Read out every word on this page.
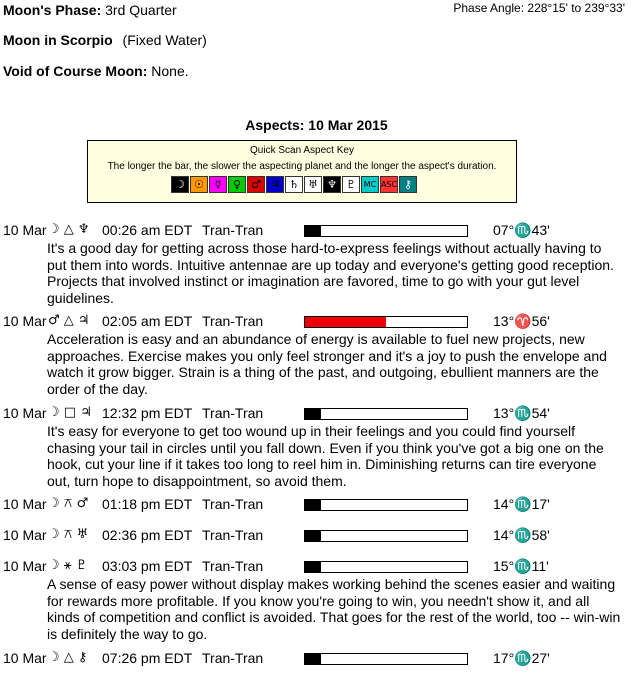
Moon's Phase: 3rd Quarter	Phase Angle: 228°15' to 239°33'
Moon in Scorpio (Fixed Water)
Void of Course Moon: None.
Aspects: 10 Mar 2015
Quick Scan Aspect Key
The longer the bar, the slower the aspecting planet and the longer the aspect's duration.
☽ ☉ ☿	♀ ♂ ♃ ♄ ♅ ♆ ♇ MC ASC ⚷
10 Mar ☽ △ ♆ 00:26 am EDT Tran-Tran	07°♏43'
It's a good day for getting across those hard-to-express feelings without actually having to put them into words. Intuitive antennae are up today and everyone's getting good reception. Projects that involved instinct or imagination are favored, time to go with your gut level guidelines.
10 Mar ♂ △ ♃ 02:05 am EDT Tran-Tran	13°♈56'
Acceleration is easy and an abundance of energy is available to fuel new projects, new approaches. Exercise makes you only feel stronger and it's a joy to push the envelope and watch it grow bigger. Strain is a thing of the past, and outgoing, ebullient manners are the order of the day.
10 Mar ☽ □ ♃ 12:32 pm EDT Tran-Tran	13°♏54'
It's easy for everyone to get too wound up in their feelings and you could find yourself chasing your tail in circles until you fall down. Even if you think you've got a big one on the hook, cut your line if it takes too long to reel him in. Diminishing returns can tire everyone out, turn hope to disappointment, so avoid them.
10 Mar ☽ ⚻ ♂ 01:18 pm EDT Tran-Tran	14°♏17'
10 Mar ☽ ⚻ ♅ 02:36 pm EDT Tran-Tran	14°♏58'
10 Mar ☽ ⚹ ♇ 03:03 pm EDT Tran-Tran	15°♏11'
A sense of easy power without display makes working behind the scenes easier and waiting for rewards more profitable. If you know you're going to win, you needn't show it, and all kinds of competition and conflict is avoided. That goes for the rest of the world, too -- win-win is definitely the way to go.
10 Mar ☽ △ ⚷ 07:26 pm EDT Tran-Tran	17°♏27'
